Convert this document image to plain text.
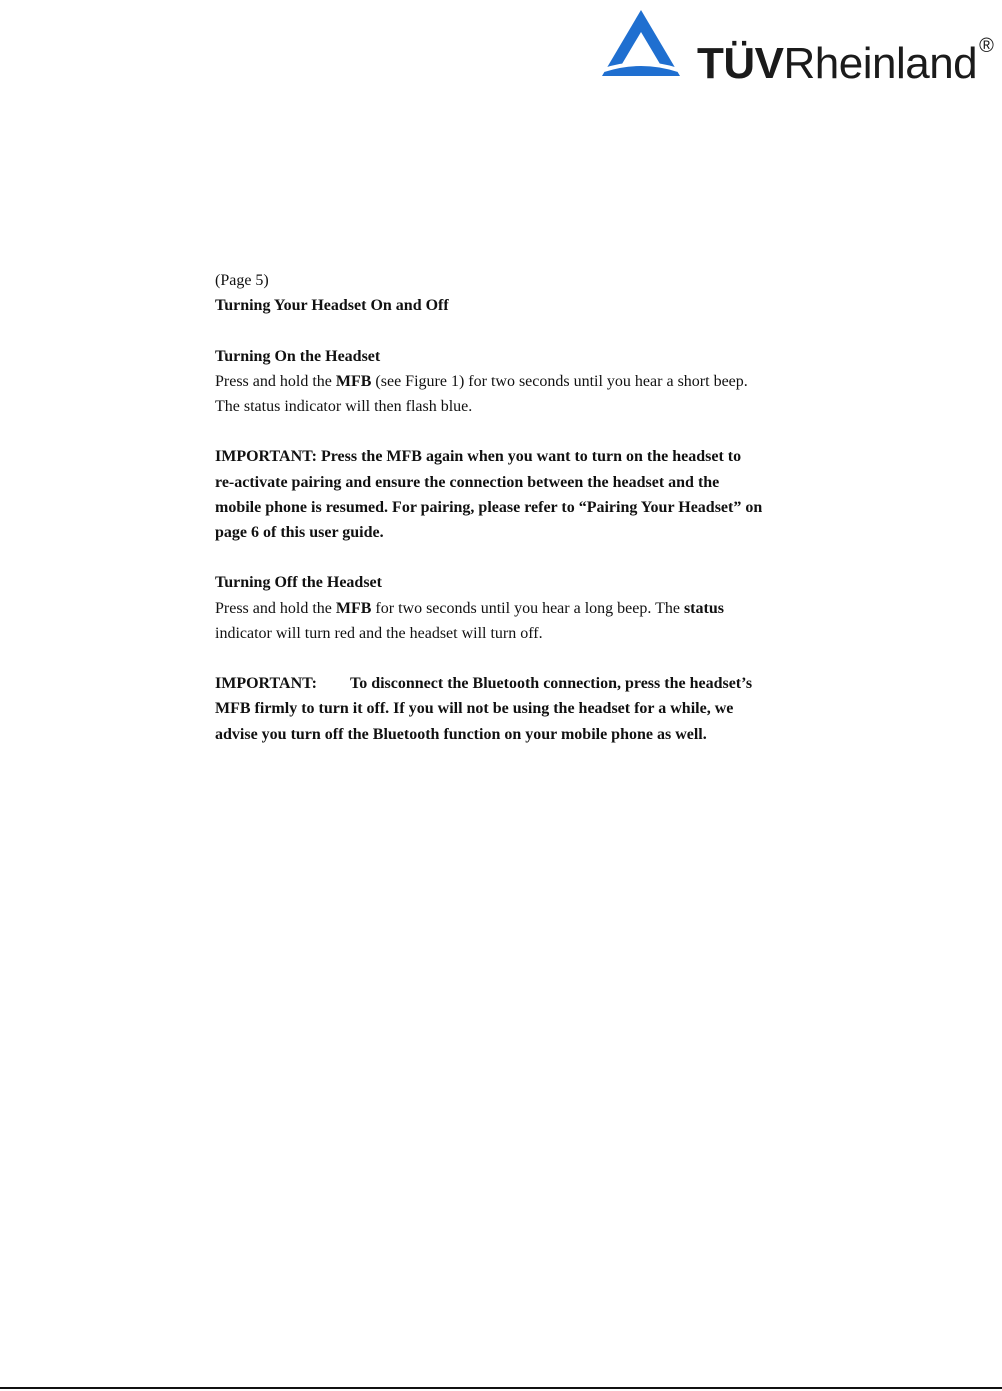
TÜVRheinland ®

(Page 5)

Turning Your Headset On and Off

Turning On the Headset

Press and hold the MFB (see Figure 1) for two seconds until you hear a short beep.

The status indicator will then flash blue.

IMPORTANT: Press the MFB again when you want to turn on the headset to

re-activate pairing and ensure the connection between the headset and the

mobile phone is resumed. For pairing, please refer to “Pairing Your Headset” on

page 6 of this user guide.

Turning Off the Headset

Press and hold the MFB for two seconds until you hear a long beep. The status

indicator will turn red and the headset will turn off.

IMPORTANT: To disconnect the Bluetooth connection, press the headset’s

MFB firmly to turn it off. If you will not be using the headset for a while, we

advise you turn off the Bluetooth function on your mobile phone as well.
